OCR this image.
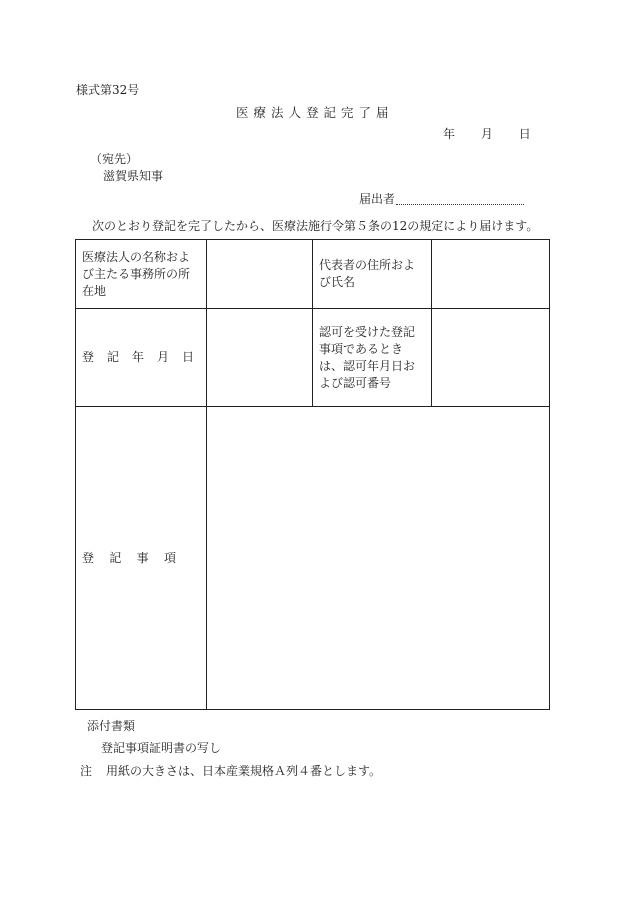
様式第32号
医療法人登記完了届
年 月 日
（宛先）
滋賀県知事
届出者
次のとおり登記を完了したから、医療法施行令第５条の12の規定により届けます。
医療法人の名称および主たる事務所の所在地		代表者の住所および氏名	

登 記 年 月 日		認可を受けた登記事項であるときは、認可年月日および認可番号	

登 記 事 項			

添付書類
登記事項証明書の写し
注 用紙の大きさは、日本産業規格Ａ列４番とします。
